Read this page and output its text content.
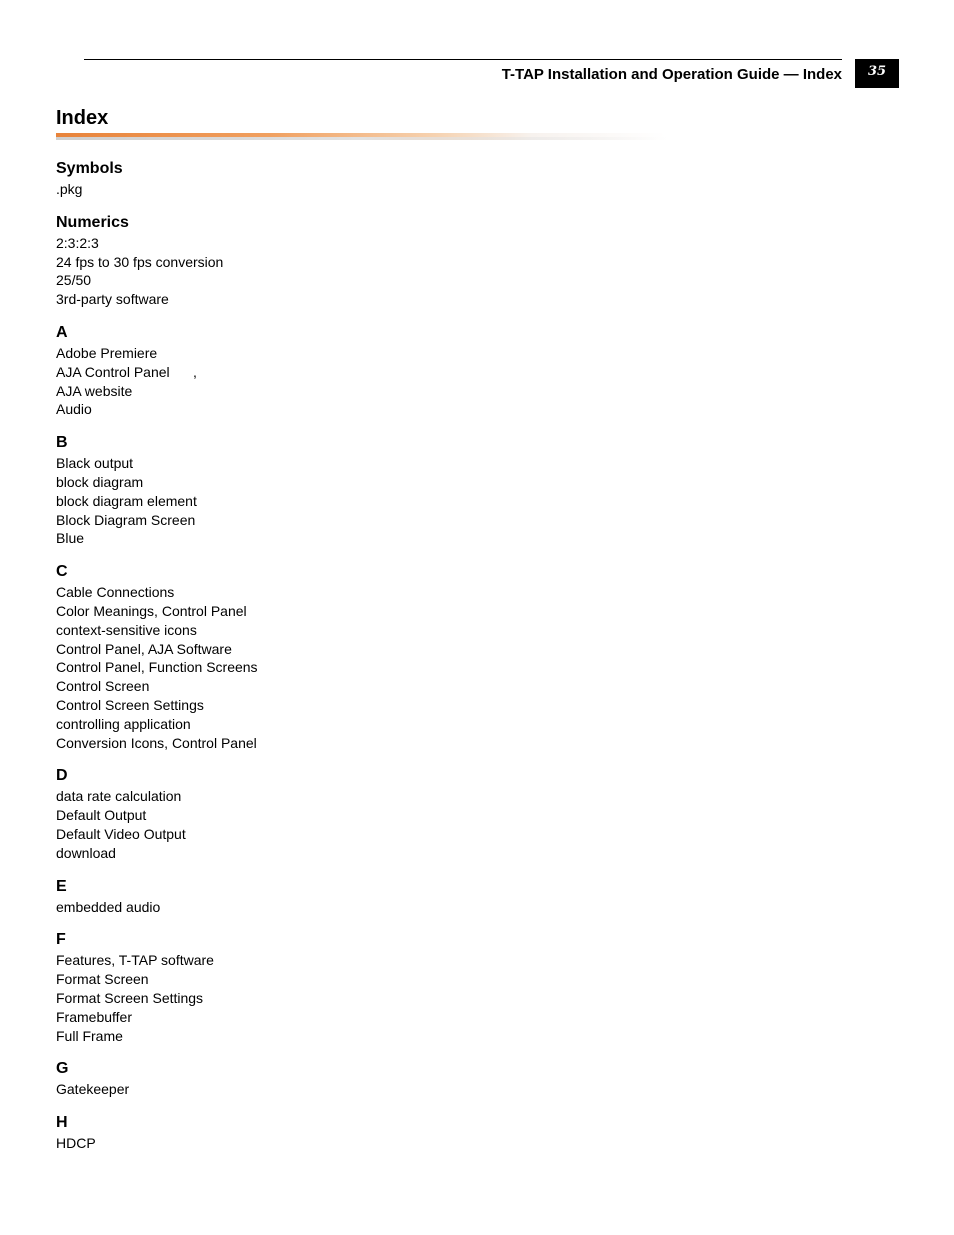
T-TAP Installation and Operation Guide — Index	35
Index
Symbols
.pkg
Numerics
2:3:2:3
24 fps to 30 fps conversion
25/50
3rd-party software
A
Adobe Premiere
AJA Control Panel      ,
AJA website
Audio
B
Black output
block diagram
block diagram element
Block Diagram Screen
Blue
C
Cable Connections
Color Meanings, Control Panel
context-sensitive icons
Control Panel, AJA Software
Control Panel, Function Screens
Control Screen
Control Screen Settings
controlling application
Conversion Icons, Control Panel
D
data rate calculation
Default Output
Default Video Output
download
E
embedded audio
F
Features, T-TAP software
Format Screen
Format Screen Settings
Framebuffer
Full Frame
G
Gatekeeper
H
HDCP
